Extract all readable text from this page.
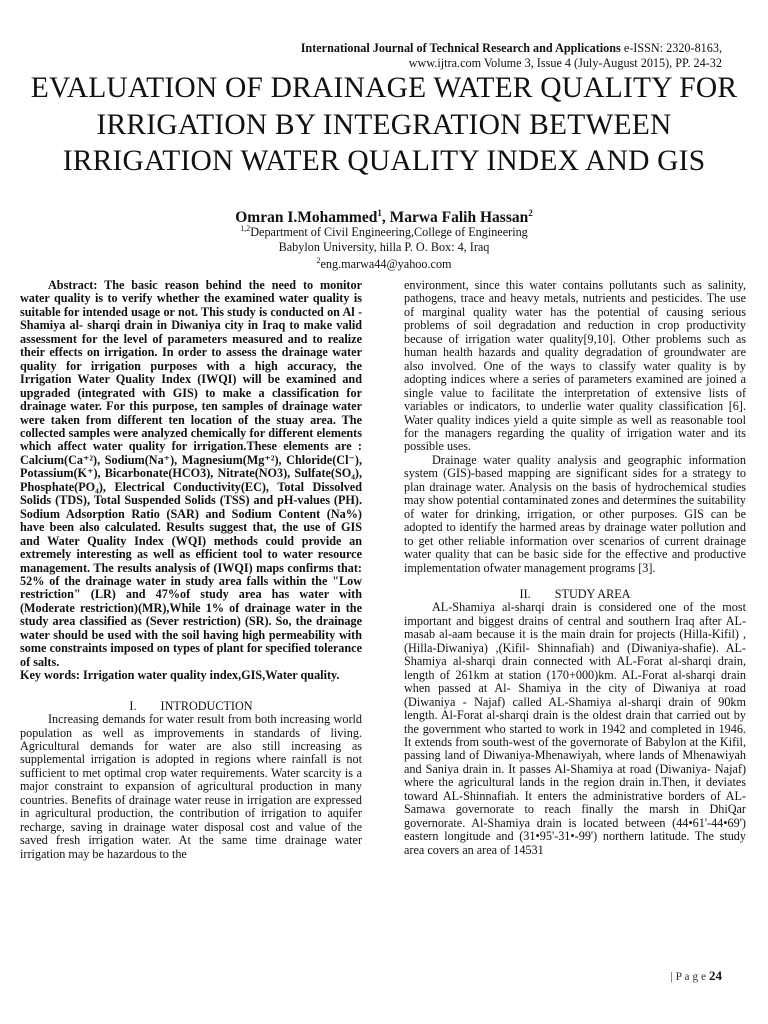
International Journal of Technical Research and Applications e-ISSN: 2320-8163,
www.ijtra.com Volume 3, Issue 4 (July-August 2015), PP. 24-32
EVALUATION OF DRAINAGE WATER QUALITY FOR IRRIGATION BY INTEGRATION BETWEEN IRRIGATION WATER QUALITY INDEX AND GIS
Omran I.Mohammed$^1$, Marwa Falih Hassan$^2$
$^{1,2}$Department of Civil Engineering,College of Engineering
Babylon University, hilla P. O. Box: 4, Iraq
$^2$eng.marwa44@yahoo.com

Abstract: The basic reason behind the need to monitor water quality is to verify whether the examined water quality is suitable for intended usage or not. This study is conducted on Al -Shamiya al- sharqi drain in Diwaniya city in Iraq to make valid assessment for the level of parameters measured and to realize their effects on irrigation. In order to assess the drainage water quality for irrigation purposes with a high accuracy, the Irrigation Water Quality Index (IWQI) will be examined and upgraded (integrated with GIS) to make a classification for drainage water. For this purpose, ten samples of drainage water were taken from different ten location of the stuay area. The collected samples were analyzed chemically for different elements which affect water quality for irrigation.These elements are : Calcium(Ca⁺²), Sodium(Na⁺), Magnesium(Mg⁺²), Chloride(Cl⁻), Potassium(K⁺), Bicarbonate(HCO3), Nitrate(NO3), Sulfate(SO₄), Phosphate(PO₄), Electrical Conductivity(EC), Total Dissolved Solids (TDS), Total Suspended Solids (TSS) and pH-values (PH). Sodium Adsorption Ratio (SAR) and Sodium Content (Na%) have been also calculated. Results suggest that, the use of GIS and Water Quality Index (WQI) methods could provide an extremely interesting as well as efficient tool to water resource management. The results analysis of (IWQI) maps confirms that: 52% of the drainage water in study area falls within the "Low restriction" (LR) and 47%of study area has water with (Moderate restriction)(MR),While 1% of drainage water in the study area classified as (Sever restriction) (SR). So, the drainage water should be used with the soil having high permeability with some constraints imposed on types of plant for specified tolerance of salts.

Key words: Irrigation water quality index,GIS,Water quality.

I. INTRODUCTION

Increasing demands for water result from both increasing world population as well as improvements in standards of living. Agricultural demands for water are also still increasing as supplemental irrigation is adopted in regions where rainfall is not sufficient to met optimal crop water requirements. Water scarcity is a major constraint to expansion of agricultural production in many countries. Benefits of drainage water reuse in irrigation are expressed in agricultural production, the contribution of irrigation to aquifer recharge, saving in drainage water disposal cost and value of the saved fresh irrigation water. At the same time drainage water irrigation may be hazardous to the

environment, since this water contains pollutants such as salinity, pathogens, trace and heavy metals, nutrients and pesticides. The use of marginal quality water has the potential of causing serious problems of soil degradation and reduction in crop productivity because of irrigation water quality[9,10]. Other problems such as human health hazards and quality degradation of groundwater are also involved. One of the ways to classify water quality is by adopting indices where a series of parameters examined are joined a single value to facilitate the interpretation of extensive lists of variables or indicators, to underlie water quality classification [6]. Water quality indices yield a quite simple as well as reasonable tool for the managers regarding the quality of irrigation water and its possible uses.

Drainage water quality analysis and geographic information system (GIS)-based mapping are significant sides for a strategy to plan drainage water. Analysis on the basis of hydrochemical studies may show potential contaminated zones and determines the suitability of water for drinking, irrigation, or other purposes. GIS can be adopted to identify the harmed areas by drainage water pollution and to get other reliable information over scenarios of current drainage water quality that can be basic side for the effective and productive implementation ofwater management programs [3].

II. STUDY AREA

AL-Shamiya al-sharqi drain is considered one of the most important and biggest drains of central and southern Iraq after AL-masab al-aam because it is the main drain for projects (Hilla-Kifil) , (Hilla-Diwaniya) ,(Kifil- Shinnafiah) and (Diwaniya-shafie). AL-Shamiya al-sharqi drain connected with AL-Forat al-sharqi drain, length of 261km at station (170+000)km. AL-Forat al-sharqi drain when passed at Al- Shamiya in the city of Diwaniya at road (Diwaniya - Najaf) called AL-Shamiya al-sharqi drain of 90km length. Al-Forat al-sharqi drain is the oldest drain that carried out by the government who started to work in 1942 and completed in 1946. It extends from south-west of the governorate of Babylon at the Kifil, passing land of Diwaniya-Mhenawiyah, where lands of Mhenawiyah and Saniya drain in. It passes Al-Shamiya at road (Diwaniya- Najaf) where the agricultural lands in the region drain in.Then, it deviates toward AL-Shinnafiah. It enters the administrative borders of AL-Samawa governorate to reach finally the marsh in DhiQar governorate. Al-Shamiya drain is located between (44•61'-44•69') eastern longitude and (31•95'-31•-99') northern latitude. The study area covers an area of 14531

| P a g e 24
